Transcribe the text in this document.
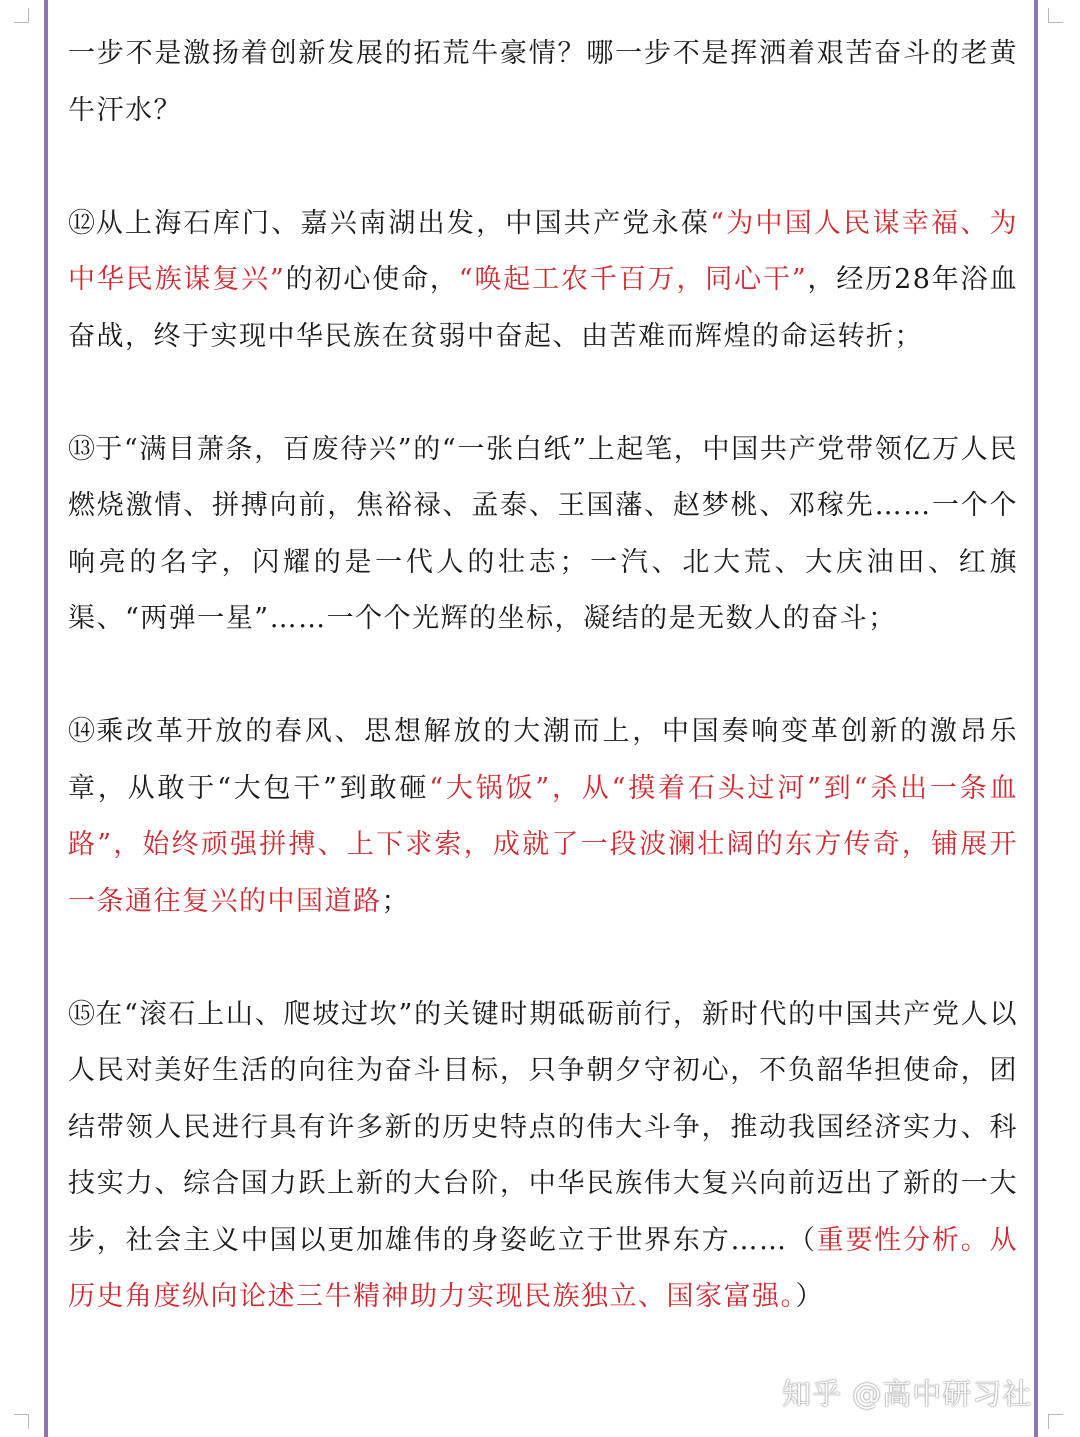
一步不是激扬着创新发展的拓荒牛豪情？哪一步不是挥洒着艰苦奋斗的老黄牛汗水？

⑫从上海石库门、嘉兴南湖出发，中国共产党永葆“为中国人民谋幸福、为中华民族谋复兴”的初心使命，“唤起工农千百万，同心干”，经历28年浴血奋战，终于实现中华民族在贫弱中奋起、由苦难而辉煌的命运转折；

⑬于“满目萧条，百废待兴”的“一张白纸”上起笔，中国共产党带领亿万人民燃烧激情、拼搏向前，焦裕禄、孟泰、王国藩、赵梦桃、邓稼先……一个个响亮的名字，闪耀的是一代人的壮志；一汽、北大荒、大庆油田、红旗渠、“两弹一星”……一个个光辉的坐标，凝结的是无数人的奋斗；

⑭乘改革开放的春风、思想解放的大潮而上，中国奏响变革创新的激昂乐章，从敢于“大包干”到敢砸“大锅饭”，从“摸着石头过河”到“杀出一条血路”，始终顽强拼搏、上下求索，成就了一段波澜壮阔的东方传奇，铺展开一条通往复兴的中国道路；

⑮在“滚石上山、爬坡过坎”的关键时期砥砺前行，新时代的中国共产党人以人民对美好生活的向往为奋斗目标，只争朝夕守初心，不负韶华担使命，团结带领人民进行具有许多新的历史特点的伟大斗争，推动我国经济实力、科技实力、综合国力跃上新的大台阶，中华民族伟大复兴向前迈出了新的一大步，社会主义中国以更加雄伟的身姿屹立于世界东方……（重要性分析。从历史角度纵向论述三牛精神助力实现民族独立、国家富强。）

知乎 @高中研习社
